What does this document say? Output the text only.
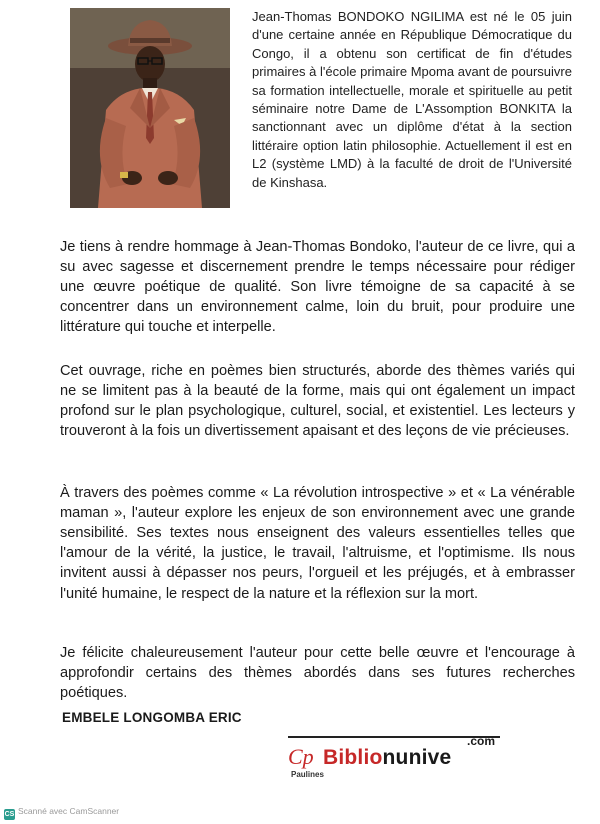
Jean-Thomas BONDOKO NGILIMA est né le 05 juin d'une certaine année en République Démocratique du Congo, il a obtenu son certificat de fin d'études primaires à l'école primaire Mpoma avant de poursuivre sa formation intellectuelle, morale et spirituelle au petit séminaire notre Dame de L'Assomption BONKITA la sanctionnant avec un diplôme d'état à la section littéraire option latin philosophie. Actuellement il est en L2 (système LMD) à la faculté de droit de l'Université de Kinshasa.

Je tiens à rendre hommage à Jean-Thomas Bondoko, l'auteur de ce livre, qui a su avec sagesse et discernement prendre le temps nécessaire pour rédiger une œuvre poétique de qualité. Son livre témoigne de sa capacité à se concentrer dans un environnement calme, loin du bruit, pour produire une littérature qui touche et interpelle.

Cet ouvrage, riche en poèmes bien structurés, aborde des thèmes variés qui ne se limitent pas à la beauté de la forme, mais qui ont également un impact profond sur le plan psychologique, culturel, social, et existentiel. Les lecteurs y trouveront à la fois un divertissement apaisant et des leçons de vie précieuses.

À travers des poèmes comme « La révolution introspective » et « La vénérable maman », l'auteur explore les enjeux de son environnement avec une grande sensibilité. Ses textes nous enseignent des valeurs essentielles telles que l'amour de la vérité, la justice, le travail, l'altruisme, et l'optimisme. Ils nous invitent aussi à dépasser nos peurs, l'orgueil et les préjugés, et à embrasser l'unité humaine, le respect de la nature et la réflexion sur la mort.

Je félicite chaleureusement l'auteur pour cette belle œuvre et l'encourage à approfondir certains des thèmes abordés dans ses futures recherches poétiques.

EMBELE LONGOMBA ERIC
Cp
Paulines
Biblionunive
.com
CS Scanné avec CamScanner
